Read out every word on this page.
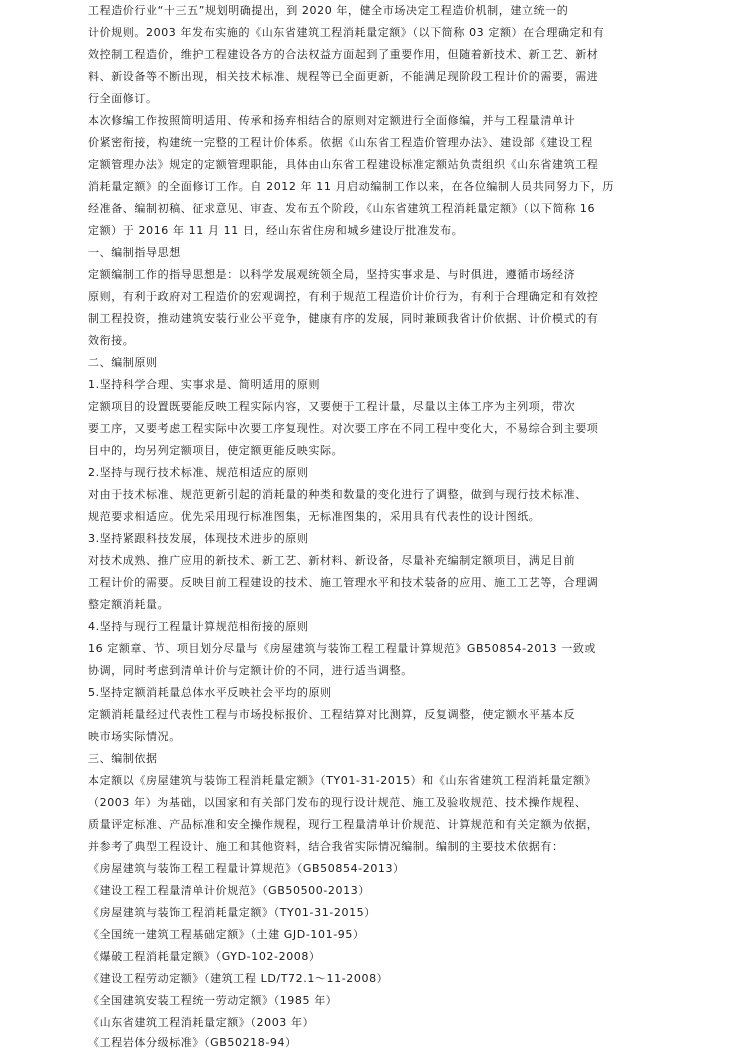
工程造价行业“十三五”规划明确提出，到 2020 年，健全市场决定工程造价机制，建立统一的
计价规则。2003 年发布实施的《山东省建筑工程消耗量定额》（以下简称 03 定额）在合理确定和有
效控制工程造价，维护工程建设各方的合法权益方面起到了重要作用，但随着新技术、新工艺、新材
料、新设备等不断出现，相关技术标准、规程等已全面更新，不能满足现阶段工程计价的需要，需进
行全面修订。
本次修编工作按照简明适用、传承和扬弃相结合的原则对定额进行全面修编，并与工程量清单计
价紧密衔接，构建统一完整的工程计价体系。依据《山东省工程造价管理办法》、建设部《建设工程
定额管理办法》规定的定额管理职能，具体由山东省工程建设标准定额站负责组织《山东省建筑工程
消耗量定额》的全面修订工作。自 2012 年 11 月启动编制工作以来，在各位编制人员共同努力下，历
经准备、编制初稿、征求意见、审查、发布五个阶段，《山东省建筑工程消耗量定额》（以下简称 16
定额）于 2016 年 11 月 11 日，经山东省住房和城乡建设厅批准发布。
一、编制指导思想
定额编制工作的指导思想是：以科学发展观统领全局，坚持实事求是、与时俱进，遵循市场经济
原则，有利于政府对工程造价的宏观调控，有利于规范工程造价计价行为，有利于合理确定和有效控
制工程投资，推动建筑安装行业公平竞争，健康有序的发展，同时兼顾我省计价依据、计价模式的有
效衔接。
二、编制原则
1.坚持科学合理、实事求是、简明适用的原则
定额项目的设置既要能反映工程实际内容，又要便于工程计量，尽量以主体工序为主列项，带次
要工序，又要考虑工程实际中次要工序复现性。对次要工序在不同工程中变化大，不易综合到主要项
目中的，均另列定额项目，使定额更能反映实际。
2.坚持与现行技术标准、规范相适应的原则
对由于技术标准、规范更新引起的消耗量的种类和数量的变化进行了调整，做到与现行技术标准、
规范要求相适应。优先采用现行标准图集，无标准图集的，采用具有代表性的设计图纸。
3.坚持紧跟科技发展，体现技术进步的原则
对技术成熟、推广应用的新技术、新工艺、新材料、新设备，尽量补充编制定额项目，满足目前
工程计价的需要。反映目前工程建设的技术、施工管理水平和技术装备的应用、施工工艺等，合理调
整定额消耗量。
4.坚持与现行工程量计算规范相衔接的原则
16 定额章、节、项目划分尽量与《房屋建筑与装饰工程工程量计算规范》GB50854-2013 一致或
协调，同时考虑到清单计价与定额计价的不同，进行适当调整。
5.坚持定额消耗量总体水平反映社会平均的原则
定额消耗量经过代表性工程与市场投标报价、工程结算对比测算，反复调整，使定额水平基本反
映市场实际情况。
三、编制依据
本定额以《房屋建筑与装饰工程消耗量定额》（TY01-31-2015）和《山东省建筑工程消耗量定额》
（2003 年）为基础，以国家和有关部门发布的现行设计规范、施工及验收规范、技术操作规程、
质量评定标准、产品标准和安全操作规程，现行工程量清单计价规范、计算规范和有关定额为依据，
并参考了典型工程设计、施工和其他资料，结合我省实际情况编制。编制的主要技术依据有：
《房屋建筑与装饰工程工程量计算规范》（GB50854-2013）
《建设工程工程量清单计价规范》（GB50500-2013）
《房屋建筑与装饰工程消耗量定额》（TY01-31-2015）
《全国统一建筑工程基础定额》（土建 GJD-101-95）
《爆破工程消耗量定额》（GYD-102-2008）
《建设工程劳动定额》（建筑工程 LD/T72.1～11-2008）
《全国建筑安装工程统一劳动定额》（1985 年）
《山东省建筑工程消耗量定额》（2003 年）
《工程岩体分级标准》（GB50218-94）
